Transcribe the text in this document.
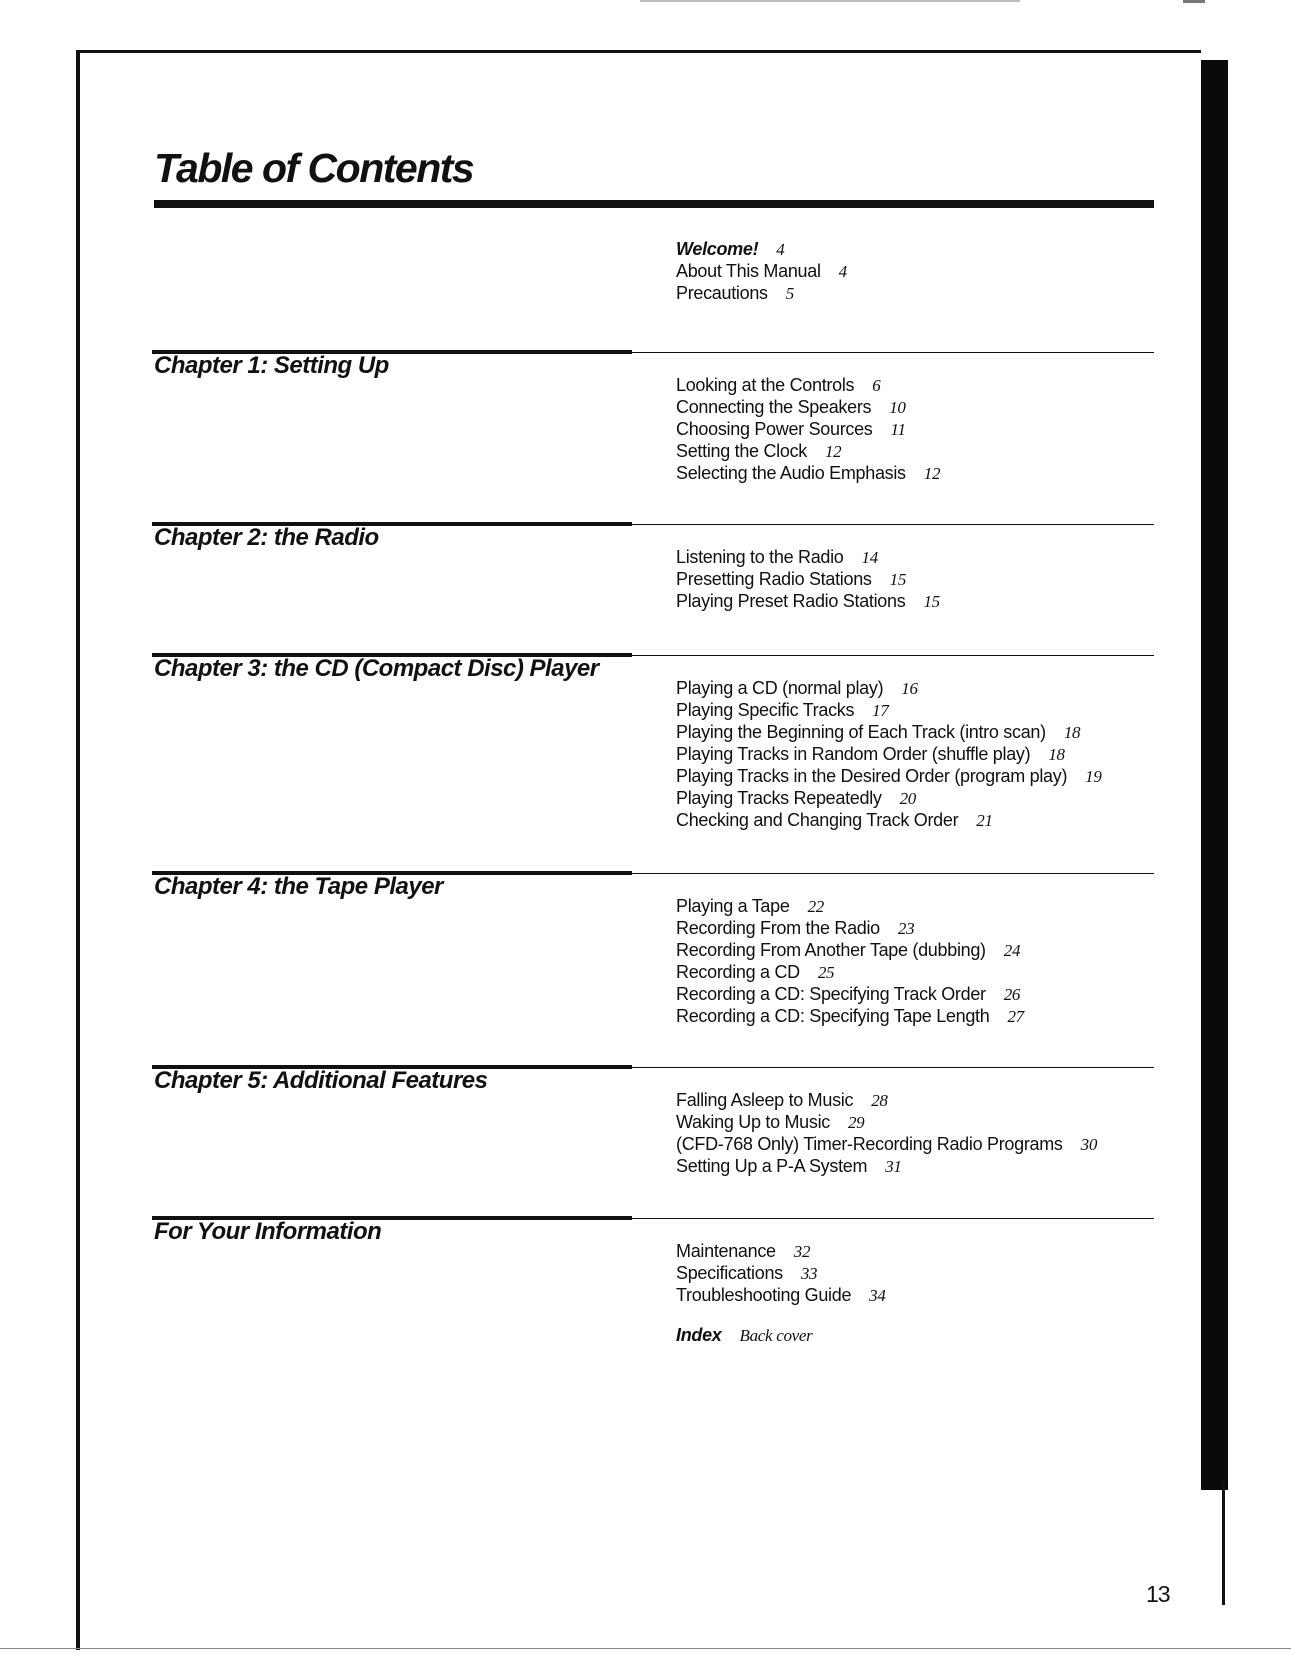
Table of Contents
Welcome! 4
About This Manual 4
Precautions 5
Chapter 1: Setting Up
Looking at the Controls 6
Connecting the Speakers 10
Choosing Power Sources 11
Setting the Clock 12
Selecting the Audio Emphasis 12
Chapter 2: the Radio
Listening to the Radio 14
Presetting Radio Stations 15
Playing Preset Radio Stations 15
Chapter 3: the CD (Compact Disc) Player
Playing a CD (normal play) 16
Playing Specific Tracks 17
Playing the Beginning of Each Track (intro scan) 18
Playing Tracks in Random Order (shuffle play) 18
Playing Tracks in the Desired Order (program play) 19
Playing Tracks Repeatedly 20
Checking and Changing Track Order 21
Chapter 4: the Tape Player
Playing a Tape 22
Recording From the Radio 23
Recording From Another Tape (dubbing) 24
Recording a CD 25
Recording a CD: Specifying Track Order 26
Recording a CD: Specifying Tape Length 27
Chapter 5: Additional Features
Falling Asleep to Music 28
Waking Up to Music 29
(CFD-768 Only) Timer-Recording Radio Programs 30
Setting Up a P-A System 31
For Your Information
Maintenance 32
Specifications 33
Troubleshooting Guide 34
Index Back cover
13
